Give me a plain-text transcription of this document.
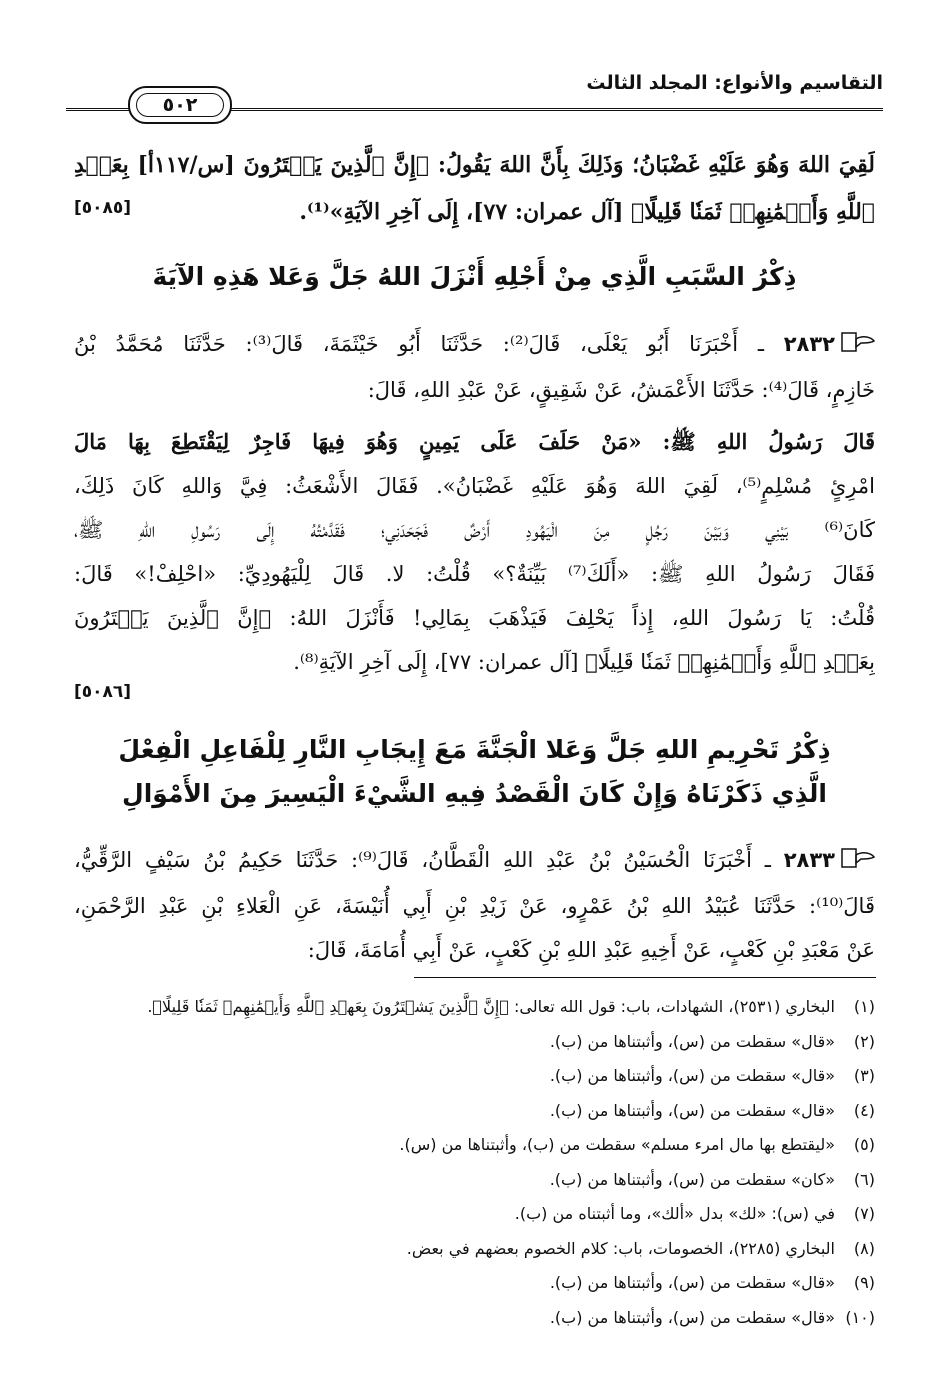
التقاسيم والأنواع: المجلد الثالث
٥٠٢
لَقِيَ اللهَ وَهُوَ عَلَيْهِ غَضْبَانُ؛ وَذَلِكَ بِأَنَّ اللهَ يَقُولُ: ﴿إِنَّ ٱلَّذِينَ يَشۡتَرُونَ [س/١١٧أ] بِعَهۡدِ
ٱللَّهِ وَأَيۡمَٰنِهِمۡ ثَمَنٗا قَلِيلًا﴾ [آل عمران: ٧٧]، إِلَى آخِرِ الآيَةِ»⁽¹⁾.
[٥٠٨٥]
ذِكْرُ السَّبَبِ الَّذِي مِنْ أَجْلِهِ أَنْزَلَ اللهُ جَلَّ وَعَلا هَذِهِ الآيَةَ
٢٨٣٢ ـ أَخْبَرَنَا أَبُو يَعْلَى، قَالَ⁽²⁾: حَدَّثَنَا أَبُو خَيْثَمَةَ، قَالَ⁽³⁾: حَدَّثَنَا مُحَمَّدُ بْنُ
خَازِمٍ، قَالَ⁽⁴⁾: حَدَّثَنَا الأَعْمَشُ، عَنْ شَقِيقٍ، عَنْ عَبْدِ اللهِ، قَالَ:
قَالَ رَسُولُ اللهِ ﷺ: «مَنْ حَلَفَ عَلَى يَمِينٍ وَهُوَ فِيهَا فَاجِرٌ لِيَقْتَطِعَ بِهَا مَالَ
امْرِئٍ مُسْلِمٍ⁽⁵⁾، لَقِيَ اللهَ وَهُوَ عَلَيْهِ غَضْبَانُ». فَقَالَ الأَشْعَثُ: فِيَّ وَاللهِ كَانَ ذَلِكَ،
كَانَ⁽⁶⁾ بَيْنِي وَبَيْنَ رَجُلٍ مِنَ الْيَهُودِ أَرْضٌ فَجَحَدَنِي؛ فَقَدَّمْتُهُ إِلَى رَسُولِ اللهِ ﷺ،
فَقَالَ رَسُولُ اللهِ ﷺ: «أَلَكَ⁽⁷⁾ بَيِّنَةٌ؟» قُلْتُ: لا. قَالَ لِلْيَهُودِيِّ: «احْلِفْ!» قَالَ:
قُلْتُ: يَا رَسُولَ اللهِ، إِذاً يَحْلِفَ فَيَذْهَبَ بِمَالِي! فَأَنْزَلَ اللهُ: ﴿إِنَّ ٱلَّذِينَ يَشۡتَرُونَ
بِعَهۡدِ ٱللَّهِ وَأَيۡمَٰنِهِمۡ ثَمَنٗا قَلِيلًا﴾ [آل عمران: ٧٧]، إِلَى آخِرِ الآيَةِ⁽⁸⁾.
[٥٠٨٦]
ذِكْرُ تَحْرِيمِ اللهِ جَلَّ وَعَلا الْجَنَّةَ مَعَ إِيجَابِ النَّارِ لِلْفَاعِلِ الْفِعْلَ
الَّذِي ذَكَرْنَاهُ وَإِنْ كَانَ الْقَصْدُ فِيهِ الشَّيْءَ الْيَسِيرَ مِنَ الأَمْوَالِ
٢٨٣٣ ـ أَخْبَرَنَا الْحُسَيْنُ بْنُ عَبْدِ اللهِ الْقَطَّانُ، قَالَ⁽⁹⁾: حَدَّثَنَا حَكِيمُ بْنُ سَيْفٍ الرَّقِّيُّ،
قَالَ⁽¹⁰⁾: حَدَّثَنَا عُبَيْدُ اللهِ بْنُ عَمْرٍو، عَنْ زَيْدِ بْنِ أَبِي أُنَيْسَةَ، عَنِ الْعَلاءِ بْنِ عَبْدِ الرَّحْمَنِ،
عَنْ مَعْبَدِ بْنِ كَعْبٍ، عَنْ أَخِيهِ عَبْدِ اللهِ بْنِ كَعْبٍ، عَنْ أَبِي أُمَامَةَ، قَالَ:
(١)البخاري (٢٥٣١)، الشهادات، باب: قول الله تعالى: ﴿إِنَّ ٱلَّذِينَ يَشۡتَرُونَ بِعَهۡدِ ٱللَّهِ وَأَيۡمَٰنِهِمۡ ثَمَنٗا قَلِيلًا﴾.
(٢)«قال» سقطت من (س)، وأثبتناها من (ب).
(٣)«قال» سقطت من (س)، وأثبتناها من (ب).
(٤)«قال» سقطت من (س)، وأثبتناها من (ب).
(٥)«ليقتطع بها مال امرء مسلم» سقطت من (ب)، وأثبتناها من (س).
(٦)«كان» سقطت من (س)، وأثبتناها من (ب).
(٧)في (س): «لك» بدل «ألك»، وما أثبتناه من (ب).
(٨)البخاري (٢٢٨٥)، الخصومات، باب: كلام الخصوم بعضهم في بعض.
(٩)«قال» سقطت من (س)، وأثبتناها من (ب).
(١٠)«قال» سقطت من (س)، وأثبتناها من (ب).
